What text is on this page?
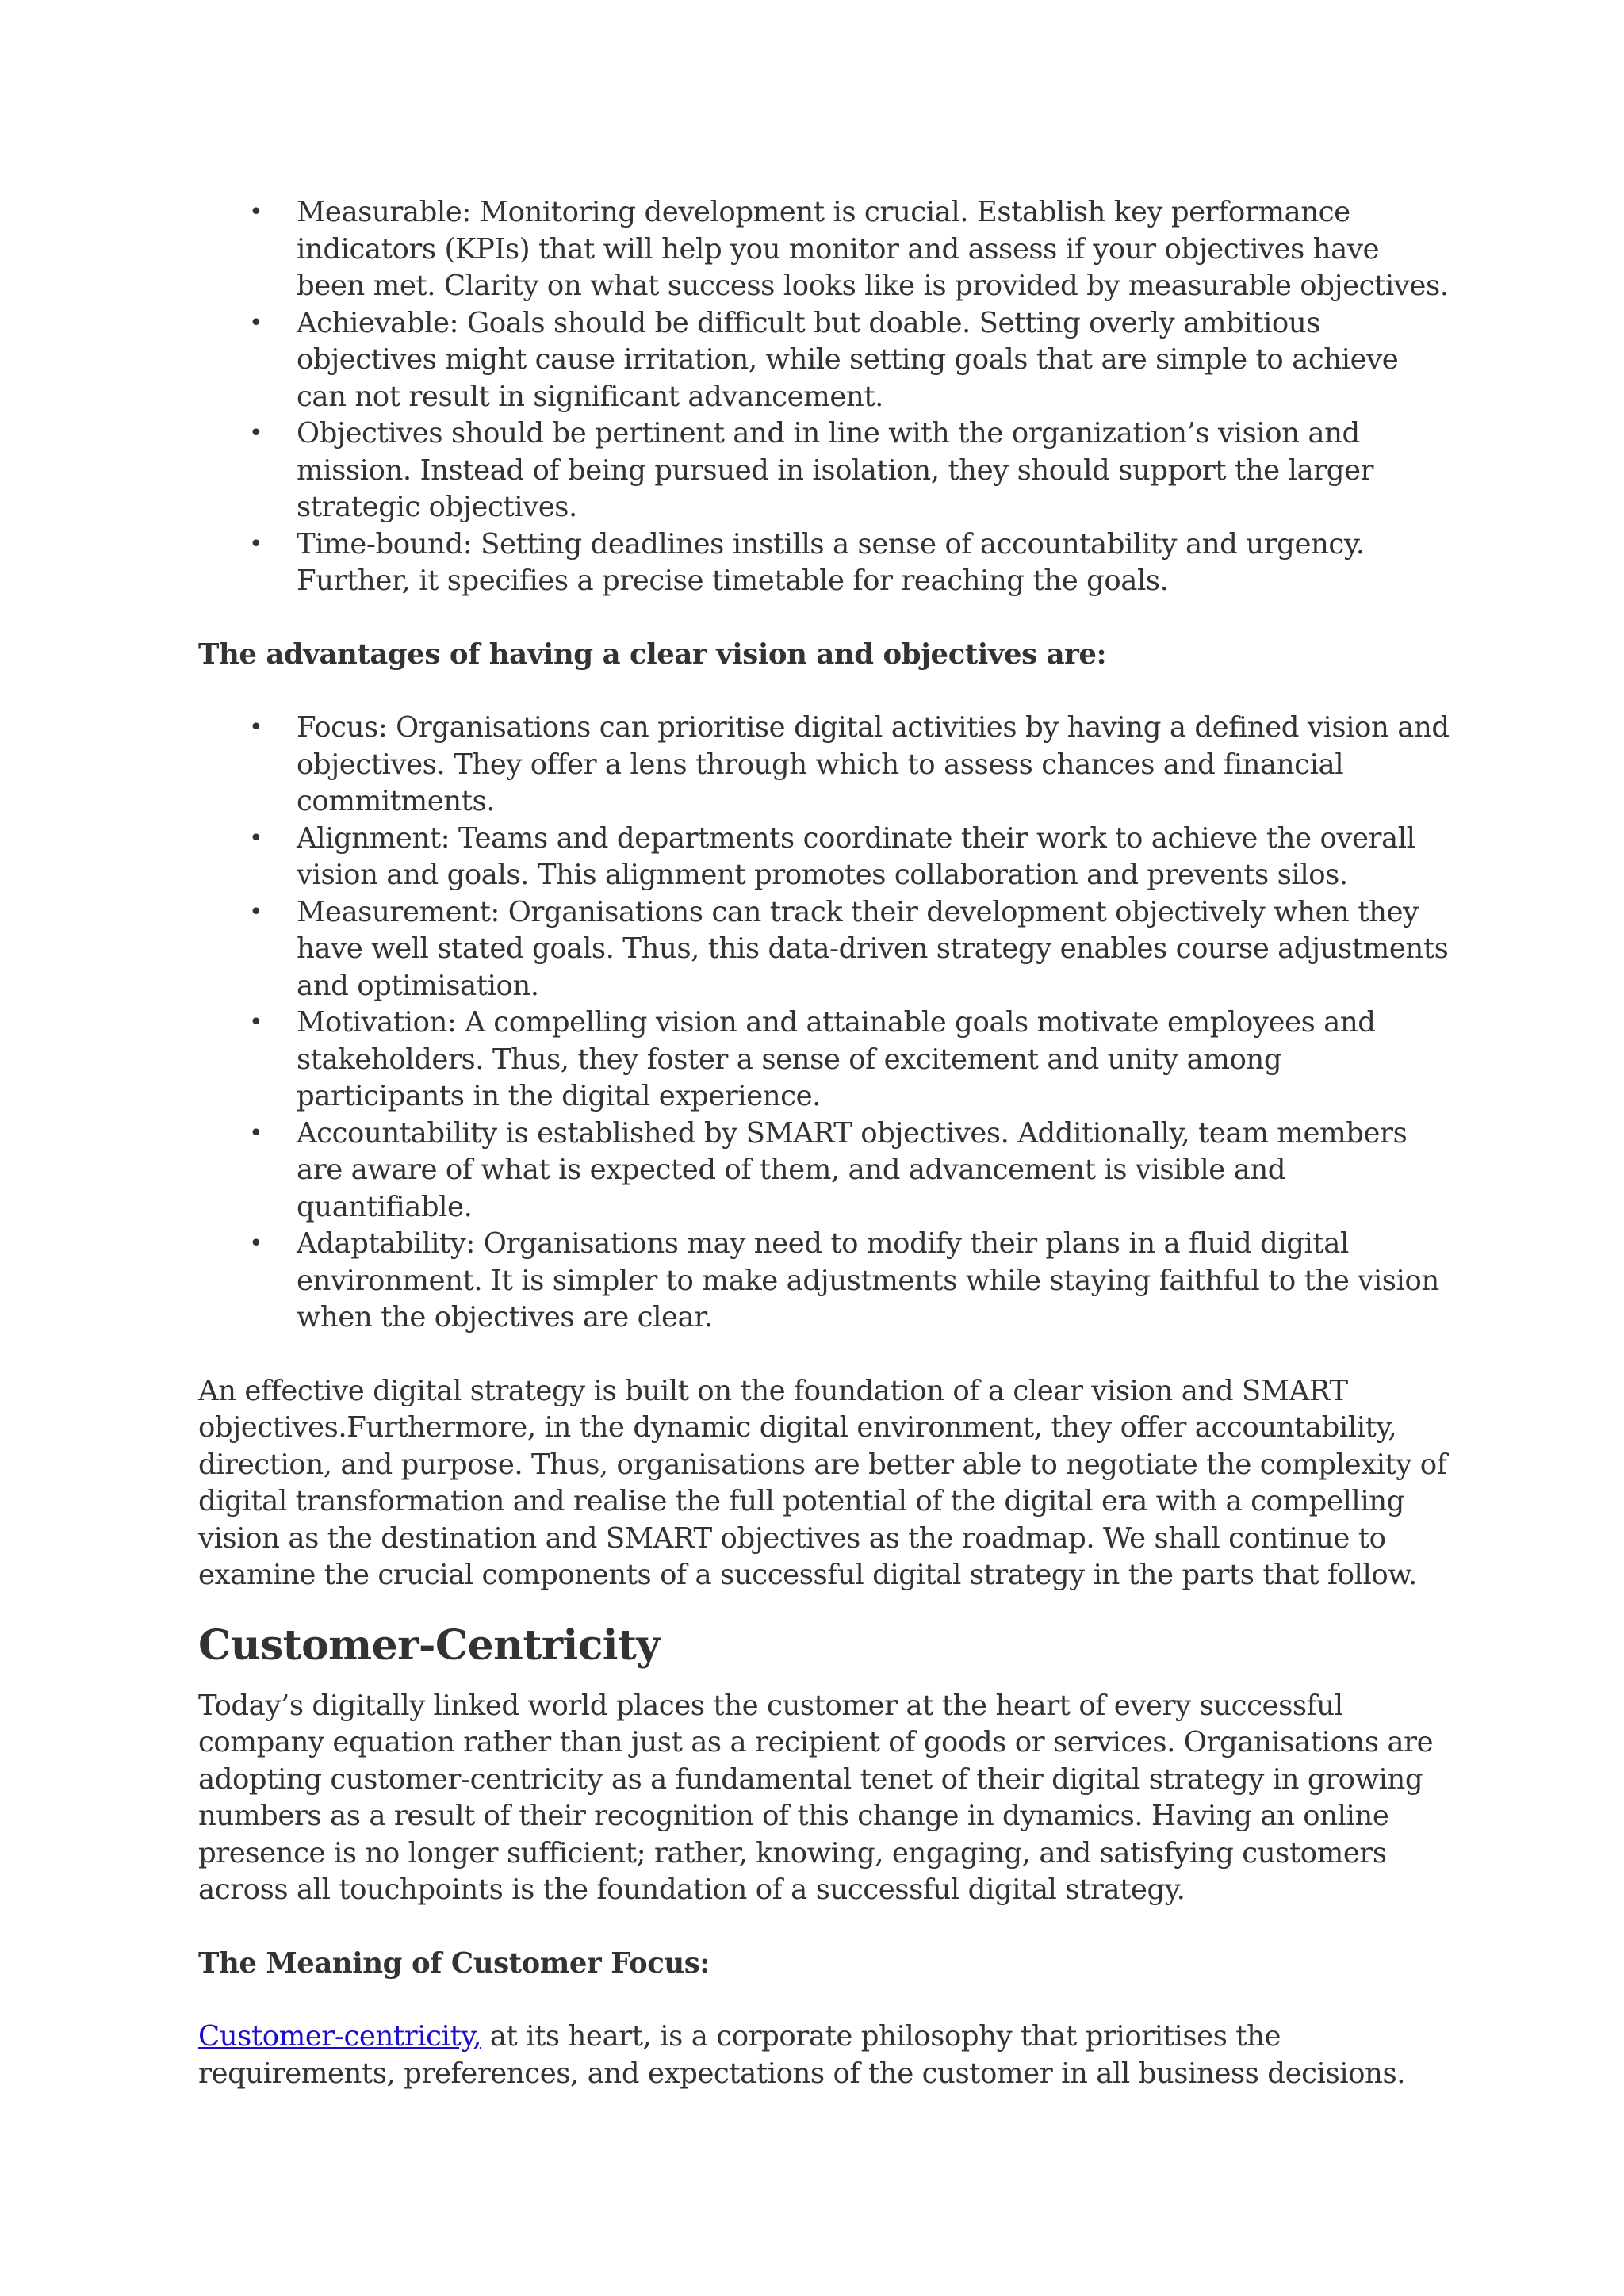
• Measurable: Monitoring development is crucial. Establish key performance indicators (KPIs) that will help you monitor and assess if your objectives have been met. Clarity on what success looks like is provided by measurable objectives.
• Achievable: Goals should be difficult but doable. Setting overly ambitious objectives might cause irritation, while setting goals that are simple to achieve can not result in significant advancement.
• Objectives should be pertinent and in line with the organization’s vision and mission. Instead of being pursued in isolation, they should support the larger strategic objectives.
• Time-bound: Setting deadlines instills a sense of accountability and urgency. Further, it specifies a precise timetable for reaching the goals.

The advantages of having a clear vision and objectives are:

• Focus: Organisations can prioritise digital activities by having a defined vision and objectives. They offer a lens through which to assess chances and financial commitments.
• Alignment: Teams and departments coordinate their work to achieve the overall vision and goals. This alignment promotes collaboration and prevents silos.
• Measurement: Organisations can track their development objectively when they have well stated goals. Thus, this data-driven strategy enables course adjustments and optimisation.
• Motivation: A compelling vision and attainable goals motivate employees and stakeholders. Thus, they foster a sense of excitement and unity among participants in the digital experience.
• Accountability is established by SMART objectives. Additionally, team members are aware of what is expected of them, and advancement is visible and quantifiable.
• Adaptability: Organisations may need to modify their plans in a fluid digital environment. It is simpler to make adjustments while staying faithful to the vision when the objectives are clear.

An effective digital strategy is built on the foundation of a clear vision and SMART objectives.Furthermore, in the dynamic digital environment, they offer accountability, direction, and purpose. Thus, organisations are better able to negotiate the complexity of digital transformation and realise the full potential of the digital era with a compelling vision as the destination and SMART objectives as the roadmap. We shall continue to examine the crucial components of a successful digital strategy in the parts that follow.

Customer-Centricity

Today’s digitally linked world places the customer at the heart of every successful company equation rather than just as a recipient of goods or services. Organisations are adopting customer-centricity as a fundamental tenet of their digital strategy in growing numbers as a result of their recognition of this change in dynamics. Having an online presence is no longer sufficient; rather, knowing, engaging, and satisfying customers across all touchpoints is the foundation of a successful digital strategy.

The Meaning of Customer Focus:

Customer-centricity, at its heart, is a corporate philosophy that prioritises the requirements, preferences, and expectations of the customer in all business decisions.
